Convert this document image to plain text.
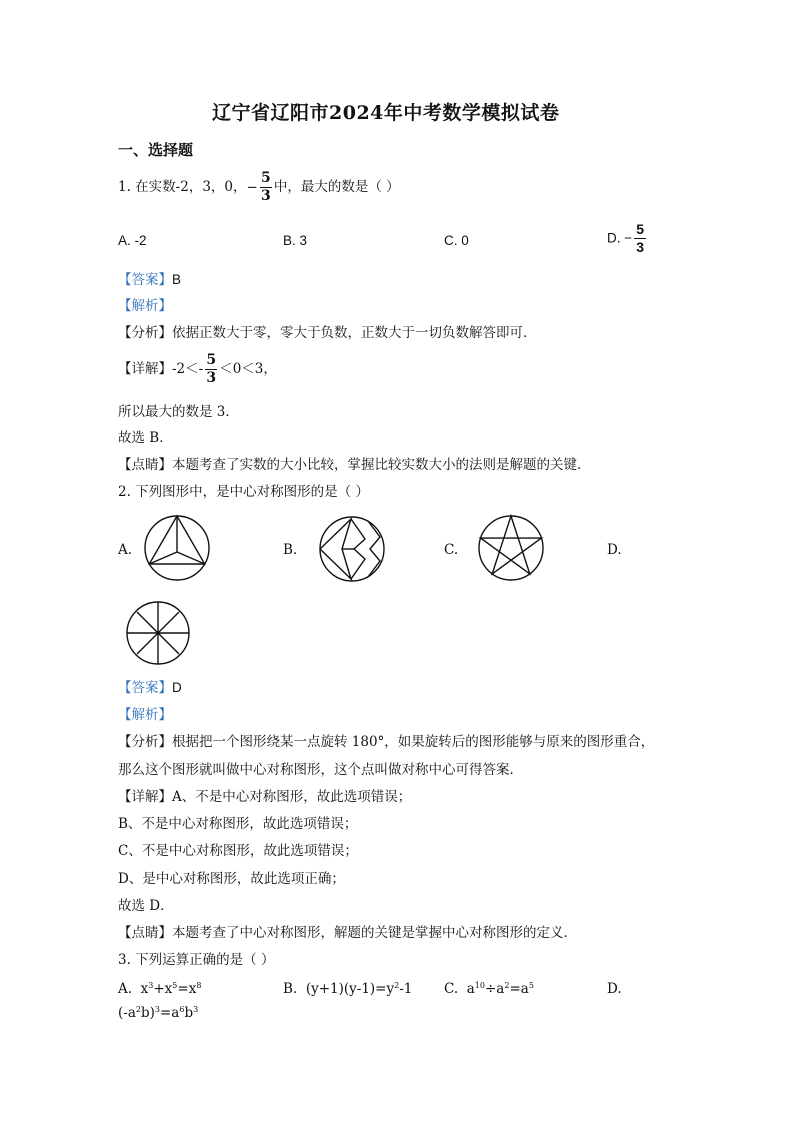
辽宁省辽阳市2024年中考数学模拟试卷
一、选择题
1. 在实数-2，3，0，− $\frac{5}{3}$ 中，最大的数是（ ）
A. -2	B. 3	C. 0	D. − $\frac{5}{3}$
【答案】B
【解析】
【分析】依据正数大于零，零大于负数，正数大于一切负数解答即可．
【详解】$-2<- \frac{5}{3} <0<3$，
所以最大的数是 3．
故选 B．
【点睛】本题考查了实数的大小比较，掌握比较实数大小的法则是解题的关键．
2. 下列图形中，是中心对称图形的是（ ）
A.	B.	C.	D.
【答案】D
【解析】
【分析】根据把一个图形绕某一点旋转 180°，如果旋转后的图形能够与原来的图形重合，
那么这个图形就叫做中心对称图形，这个点叫做对称中心可得答案．
【详解】A、不是中心对称图形，故此选项错误；
B、不是中心对称图形，故此选项错误；
C、不是中心对称图形，故此选项错误；
D、是中心对称图形，故此选项正确；
故选 D．
【点睛】本题考查了中心对称图形，解题的关键是掌握中心对称图形的定义．
3. 下列运算正确的是（ ）
A. $x^3+x^5=x^8$	B. $(y+1)(y-1)=y^2-1$ C. $a^{10}\div a^2=a^5$	D.
$(-a^2b)^3=a^6b^3$
